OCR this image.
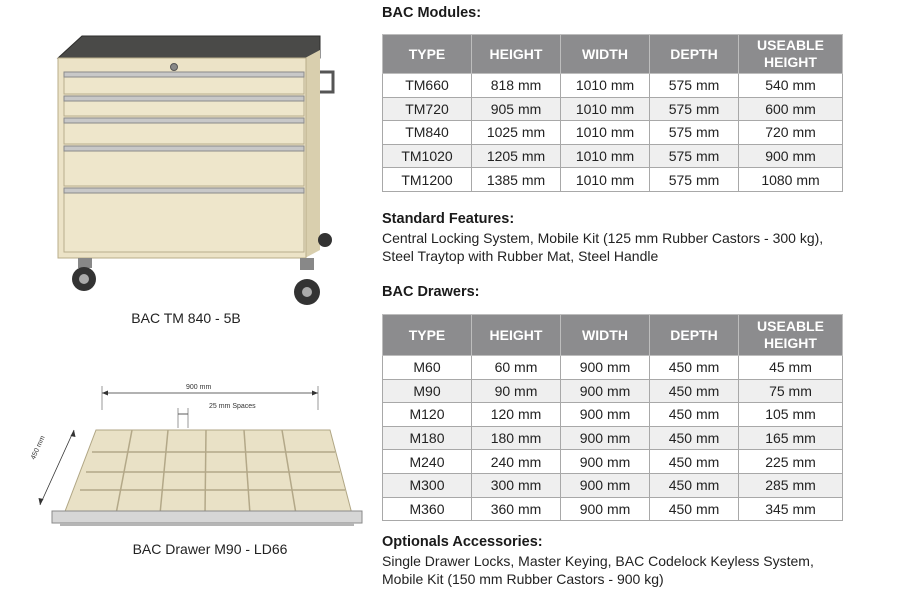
BAC TM 840 - 5B
900 mm
25 mm Spaces
450 mm
BAC Drawer M90 - LD66
BAC Modules:
TYPE	HEIGHT	WIDTH	DEPTH	USEABLE
HEIGHT
TM660	818 mm	1010 mm	575 mm	540 mm
TM720	905 mm	1010 mm	575 mm	600 mm
TM840	1025 mm	1010 mm	575 mm	720 mm
TM1020	1205 mm	1010 mm	575 mm	900 mm
TM1200	1385 mm	1010 mm	575 mm	1080 mm
Standard Features:
Central Locking System, Mobile Kit (125 mm Rubber Castors - 300 kg), Steel Traytop with Rubber Mat, Steel Handle
BAC Drawers:
TYPE	HEIGHT	WIDTH	DEPTH	USEABLE
HEIGHT
M60	60 mm	900 mm	450 mm	45 mm
M90	90 mm	900 mm	450 mm	75 mm
M120	120 mm	900 mm	450 mm	105 mm
M180	180 mm	900 mm	450 mm	165 mm
M240	240 mm	900 mm	450 mm	225 mm
M300	300 mm	900 mm	450 mm	285 mm
M360	360 mm	900 mm	450 mm	345 mm
Optionals Accessories:
Single Drawer Locks, Master Keying, BAC Codelock Keyless System, Mobile Kit (150 mm Rubber Castors - 900 kg)
